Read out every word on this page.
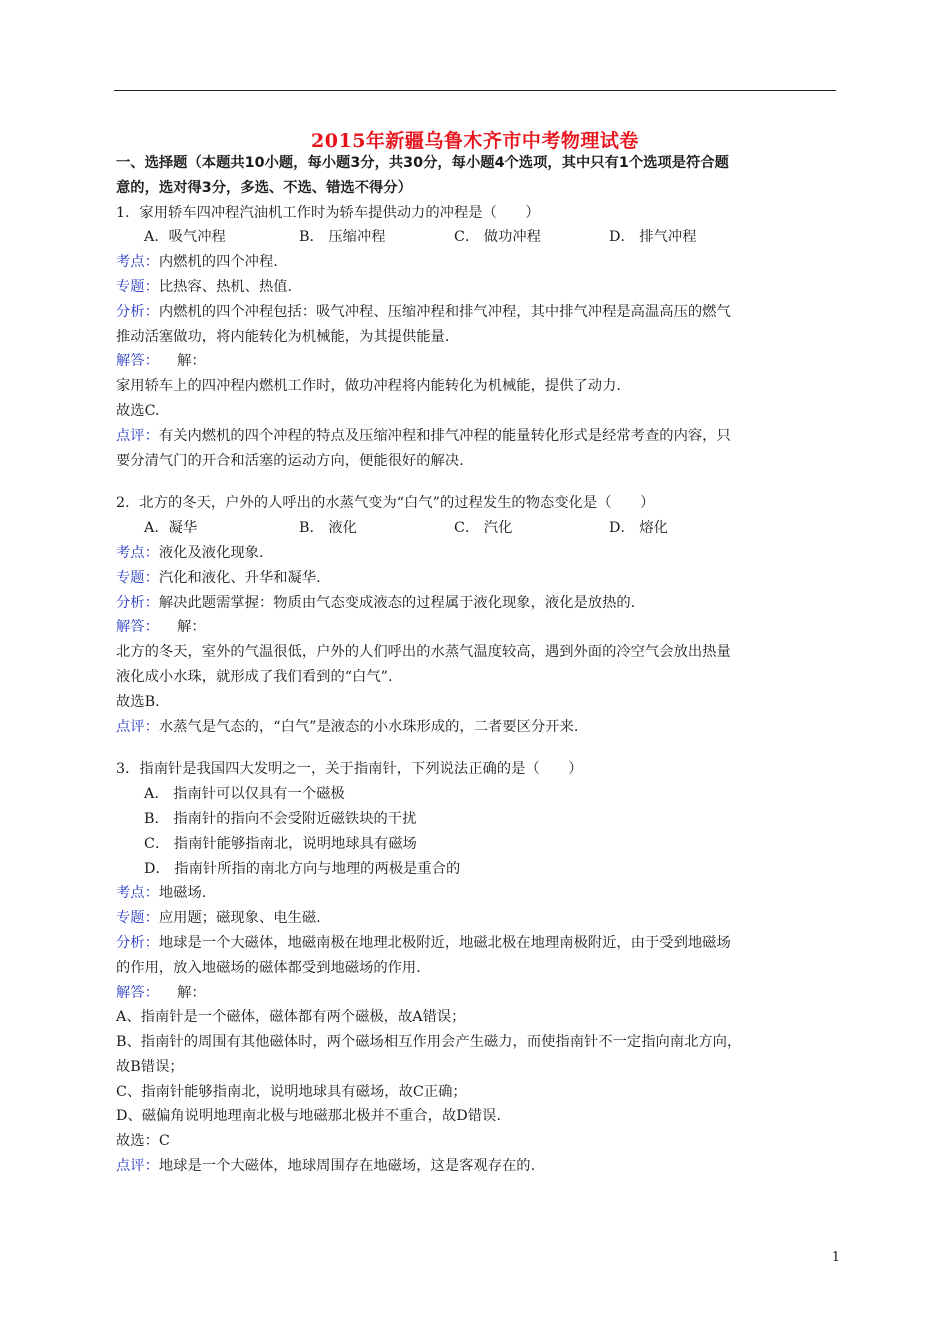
2015年新疆乌鲁木齐市中考物理试卷
一、选择题（本题共10小题，每小题3分，共30分，每小题4个选项，其中只有1个选项是符合题
意的，选对得3分，多选、不选、错选不得分）
1．家用轿车四冲程汽油机工作时为轿车提供动力的冲程是（　　）
A．吸气冲程	B． 压缩冲程	C． 做功冲程	D． 排气冲程
考点：内燃机的四个冲程.
专题：比热容、热机、热值.
分析：内燃机的四个冲程包括：吸气冲程、压缩冲程和排气冲程，其中排气冲程是高温高压的燃气
推动活塞做功，将内能转化为机械能，为其提供能量.
解答： 解：
家用轿车上的四冲程内燃机工作时，做功冲程将内能转化为机械能，提供了动力.
故选C.
点评：有关内燃机的四个冲程的特点及压缩冲程和排气冲程的能量转化形式是经常考查的内容，只
要分清气门的开合和活塞的运动方向，便能很好的解决.
2．北方的冬天，户外的人呼出的水蒸气变为“白气”的过程发生的物态变化是（　　）
A．凝华	B． 液化	C． 汽化	D． 熔化
考点：液化及液化现象.
专题：汽化和液化、升华和凝华.
分析：解决此题需掌握：物质由气态变成液态的过程属于液化现象，液化是放热的.
解答： 解：
北方的冬天，室外的气温很低，户外的人们呼出的水蒸气温度较高，遇到外面的冷空气会放出热量
液化成小水珠，就形成了我们看到的“白气”.
故选B.
点评：水蒸气是气态的，“白气”是液态的小水珠形成的，二者要区分开来.
3．指南针是我国四大发明之一，关于指南针，下列说法正确的是（　　）
A． 指南针可以仅具有一个磁极
B． 指南针的指向不会受附近磁铁块的干扰
C． 指南针能够指南北，说明地球具有磁场
D． 指南针所指的南北方向与地理的两极是重合的
考点：地磁场.
专题：应用题；磁现象、电生磁.
分析：地球是一个大磁体，地磁南极在地理北极附近，地磁北极在地理南极附近，由于受到地磁场
的作用，放入地磁场的磁体都受到地磁场的作用.
解答： 解：
A、指南针是一个磁体，磁体都有两个磁极，故A错误；
B、指南针的周围有其他磁体时，两个磁场相互作用会产生磁力，而使指南针不一定指向南北方向，
故B错误；
C、指南针能够指南北，说明地球具有磁场，故C正确；
D、磁偏角说明地理南北极与地磁那北极并不重合，故D错误.
故选：C
点评：地球是一个大磁体，地球周围存在地磁场，这是客观存在的.
1
